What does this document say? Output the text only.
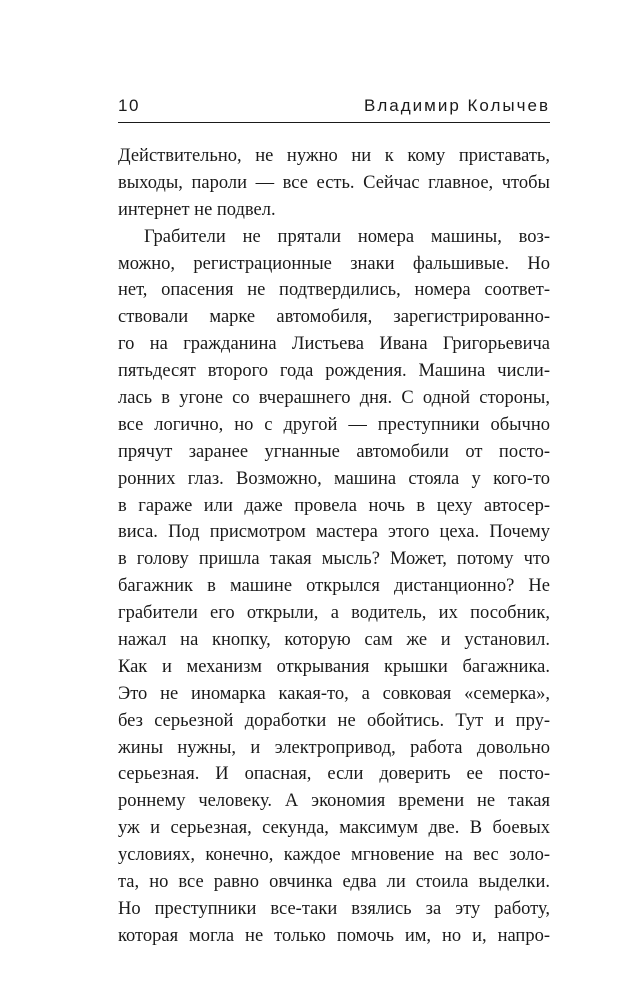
10	Владимир Колычев

Действительно, не нужно ни к кому приставать,
выходы, пароли — все есть. Сейчас главное, чтобы
интернет не подвел.

Грабители не прятали номера машины, воз-
можно, регистрационные знаки фальшивые. Но
нет, опасения не подтвердились, номера соответ-
ствовали марке автомобиля, зарегистрированно-
го на гражданина Листьева Ивана Григорьевича
пятьдесят второго года рождения. Машина числи-
лась в угоне со вчерашнего дня. С одной стороны,
все логично, но с другой — преступники обычно
прячут заранее угнанные автомобили от посто-
ронних глаз. Возможно, машина стояла у кого-то
в гараже или даже провела ночь в цеху автосер-
виса. Под присмотром мастера этого цеха. Почему
в голову пришла такая мысль? Может, потому что
багажник в машине открылся дистанционно? Не
грабители его открыли, а водитель, их пособник,
нажал на кнопку, которую сам же и установил.
Как и механизм открывания крышки багажника.
Это не иномарка какая-то, а совковая «семерка»,
без серьезной доработки не обойтись. Тут и пру-
жины нужны, и электропривод, работа довольно
серьезная. И опасная, если доверить ее посто-
роннему человеку. А экономия времени не такая
уж и серьезная, секунда, максимум две. В боевых
условиях, конечно, каждое мгновение на вес золо-
та, но все равно овчинка едва ли стоила выделки.
Но преступники все-таки взялись за эту работу,
которая могла не только помочь им, но и, напро-
